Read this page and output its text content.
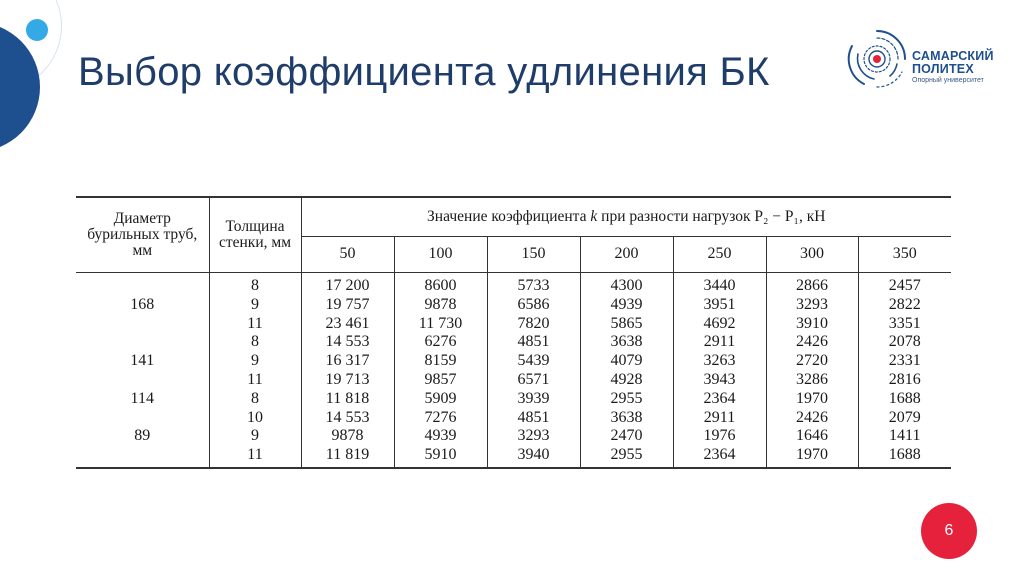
Выбор коэффициента удлинения БК	САМАРСКИЙ
ПОЛИТЕХ
Опорный университет
Диаметр бурильных труб, мм	Толщина стенки, мм	Значение коэффициента k при разности нагрузок P₂ − P₁, кН						
		50	100	150	200	250	300	350
	8	17 200	8600	5733	4300	3440	2866	2457
168	9	19 757	9878	6586	4939	3951	3293	2822
	11	23 461	11 730	7820	5865	4692	3910	3351
	8	14 553	6276	4851	3638	2911	2426	2078
141	9	16 317	8159	5439	4079	3263	2720	2331
	11	19 713	9857	6571	4928	3943	3286	2816
114	8	11 818	5909	3939	2955	2364	1970	1688
	10	14 553	7276	4851	3638	2911	2426	2079
89	9	9878	4939	3293	2470	1976	1646	1411
	11	11 819	5910	3940	2955	2364	1970	1688
6
